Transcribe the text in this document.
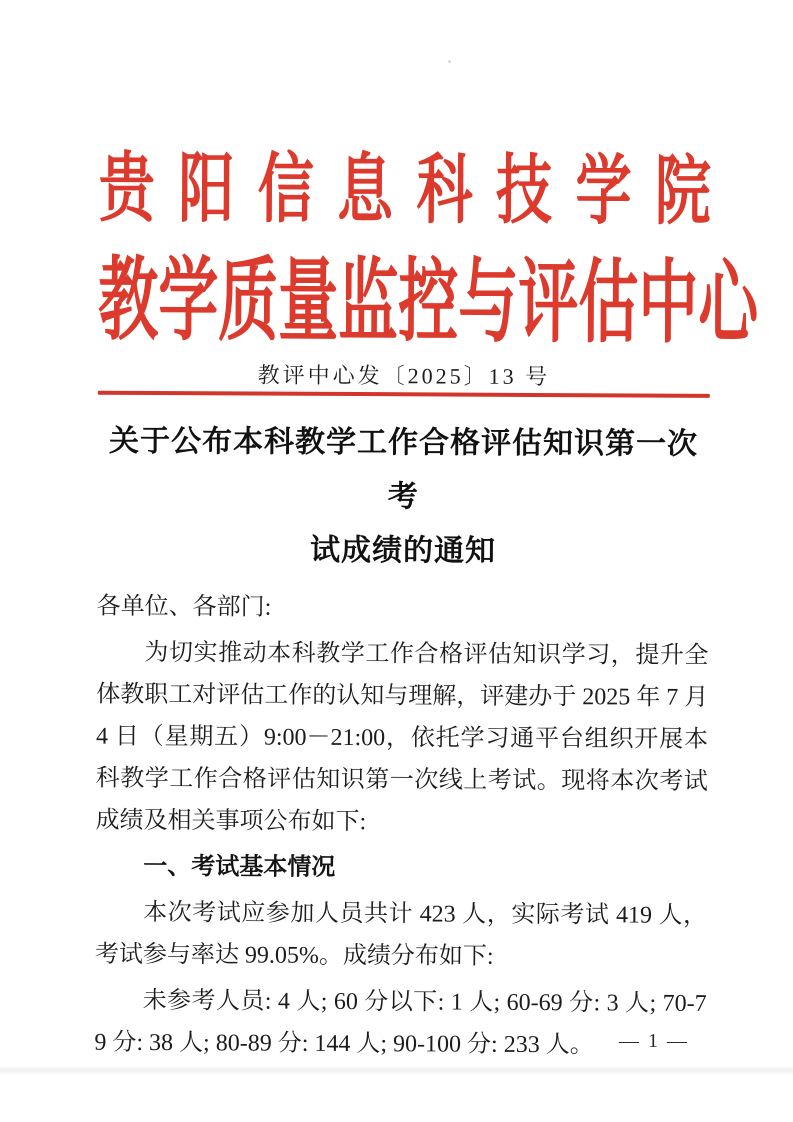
贵阳信息科技学院
教学质量监控与评估中心
教评中心发〔2025〕13 号
关于公布本科教学工作合格评估知识第一次考
试成绩的通知
各单位、各部门:

为切实推动本科教学工作合格评估知识学习，提升全体教职工对评估工作的认知与理解，评建办于 2025 年 7 月 4 日（星期五）9:00－21:00，依托学习通平台组织开展本科教学工作合格评估知识第一次线上考试。现将本次考试成绩及相关事项公布如下:

一、考试基本情况

本次考试应参加人员共计 423 人，实际考试 419 人，考试参与率达 99.05%。成绩分布如下:

未参考人员: 4 人; 60 分以下: 1 人; 60-69 分: 3 人; 70-79 分: 38 人; 80-89 分: 144 人; 90-100 分: 233 人。	— 1 —
